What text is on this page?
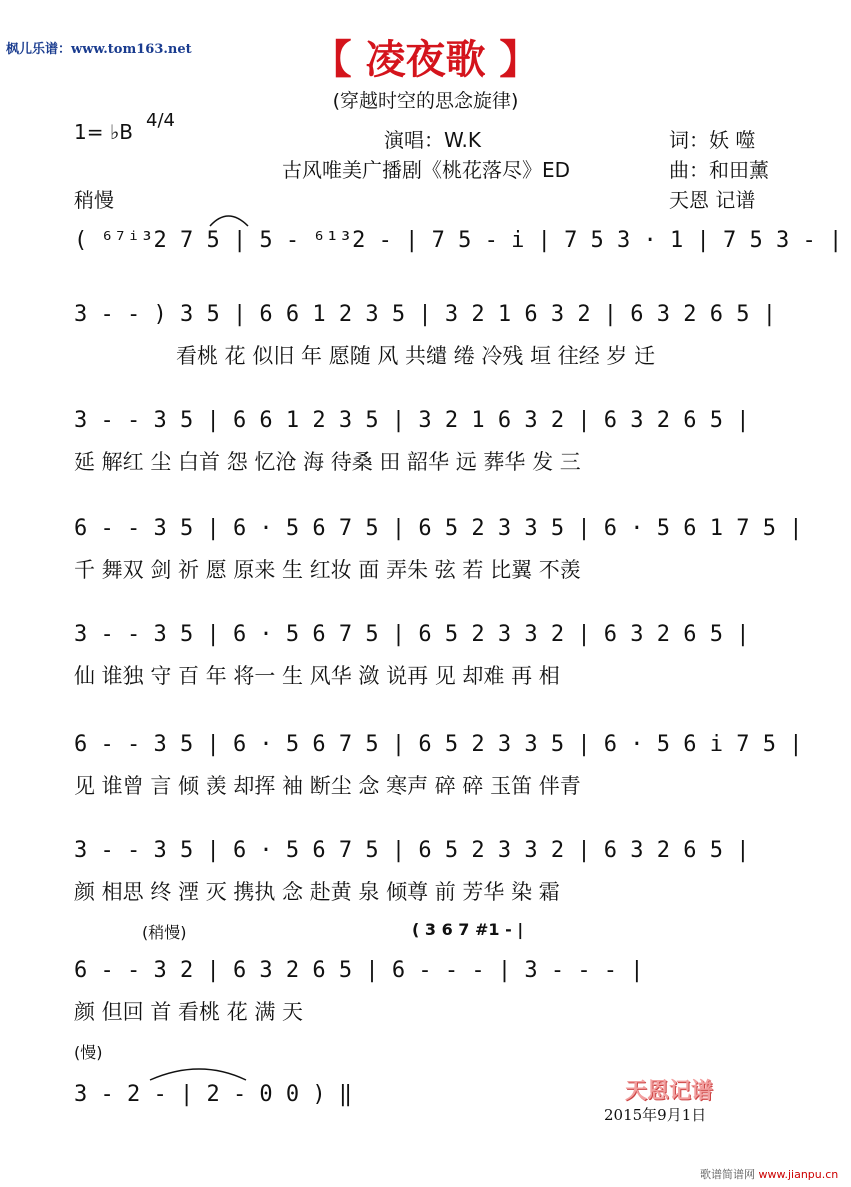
枫儿乐谱：www.tom163.net	【 凌夜歌 】
(穿越时空的思念旋律)
1= ♭B 4/4
演唱：W.K	词：妖 噬
古风唯美广播剧《桃花落尽》ED	曲：和田薰
稍慢	天恩 记谱
( ⁶⁷ⁱ³2 7 5 | 5 - ⁶¹³2 - | 7 5 - i | 7 5 3 · 1 | 7 5 3 - |
3 - - ) 3 5 | 6 6 1 2 3 5 | 3 2 1 6 3 2 | 6 3 2 6 5 |
看桃 花 似旧 年 愿随 风 共缱 绻 冷残 垣 往经 岁 迁
3 - - 3 5 | 6 6 1 2 3 5 | 3 2 1 6 3 2 | 6 3 2 6 5 |
延 解红 尘 白首 怨 忆沧 海 待桑 田 韶华 远 葬华 发 三
6 - - 3 5 | 6 · 5 6 7 5 | 6 5 2 3 3 5 | 6 · 5 6 1 7 5 |
千 舞双 剑 祈 愿 原来 生 红妆 面 弄朱 弦 若 比翼 不羡
3 - - 3 5 | 6 · 5 6 7 5 | 6 5 2 3 3 2 | 6 3 2 6 5 |
仙 谁独 守 百 年 将一 生 风华 潋 说再 见 却难 再 相
6 - - 3 5 | 6 · 5 6 7 5 | 6 5 2 3 3 5 | 6 · 5 6 i 7 5 |
见 谁曾 言 倾 羡 却挥 袖 断尘 念 寒声 碎 碎 玉笛 伴青
3 - - 3 5 | 6 · 5 6 7 5 | 6 5 2 3 3 2 | 6 3 2 6 5 |
颜 相思 终 湮 灭 携执 念 赴黄 泉 倾尊 前 芳华 染 霜
(稍慢)	( 3 6 7 #1 - |
6 - - 3 2 | 6 3 2 6 5 | 6 - - - | 3 - - - |
颜 但回 首 看桃 花 满 天
(慢)
3 - 2 - | 2 - 0 0 ) ‖	天恩记谱
2015年9月1日
歌谱简谱网 www.jianpu.cn
